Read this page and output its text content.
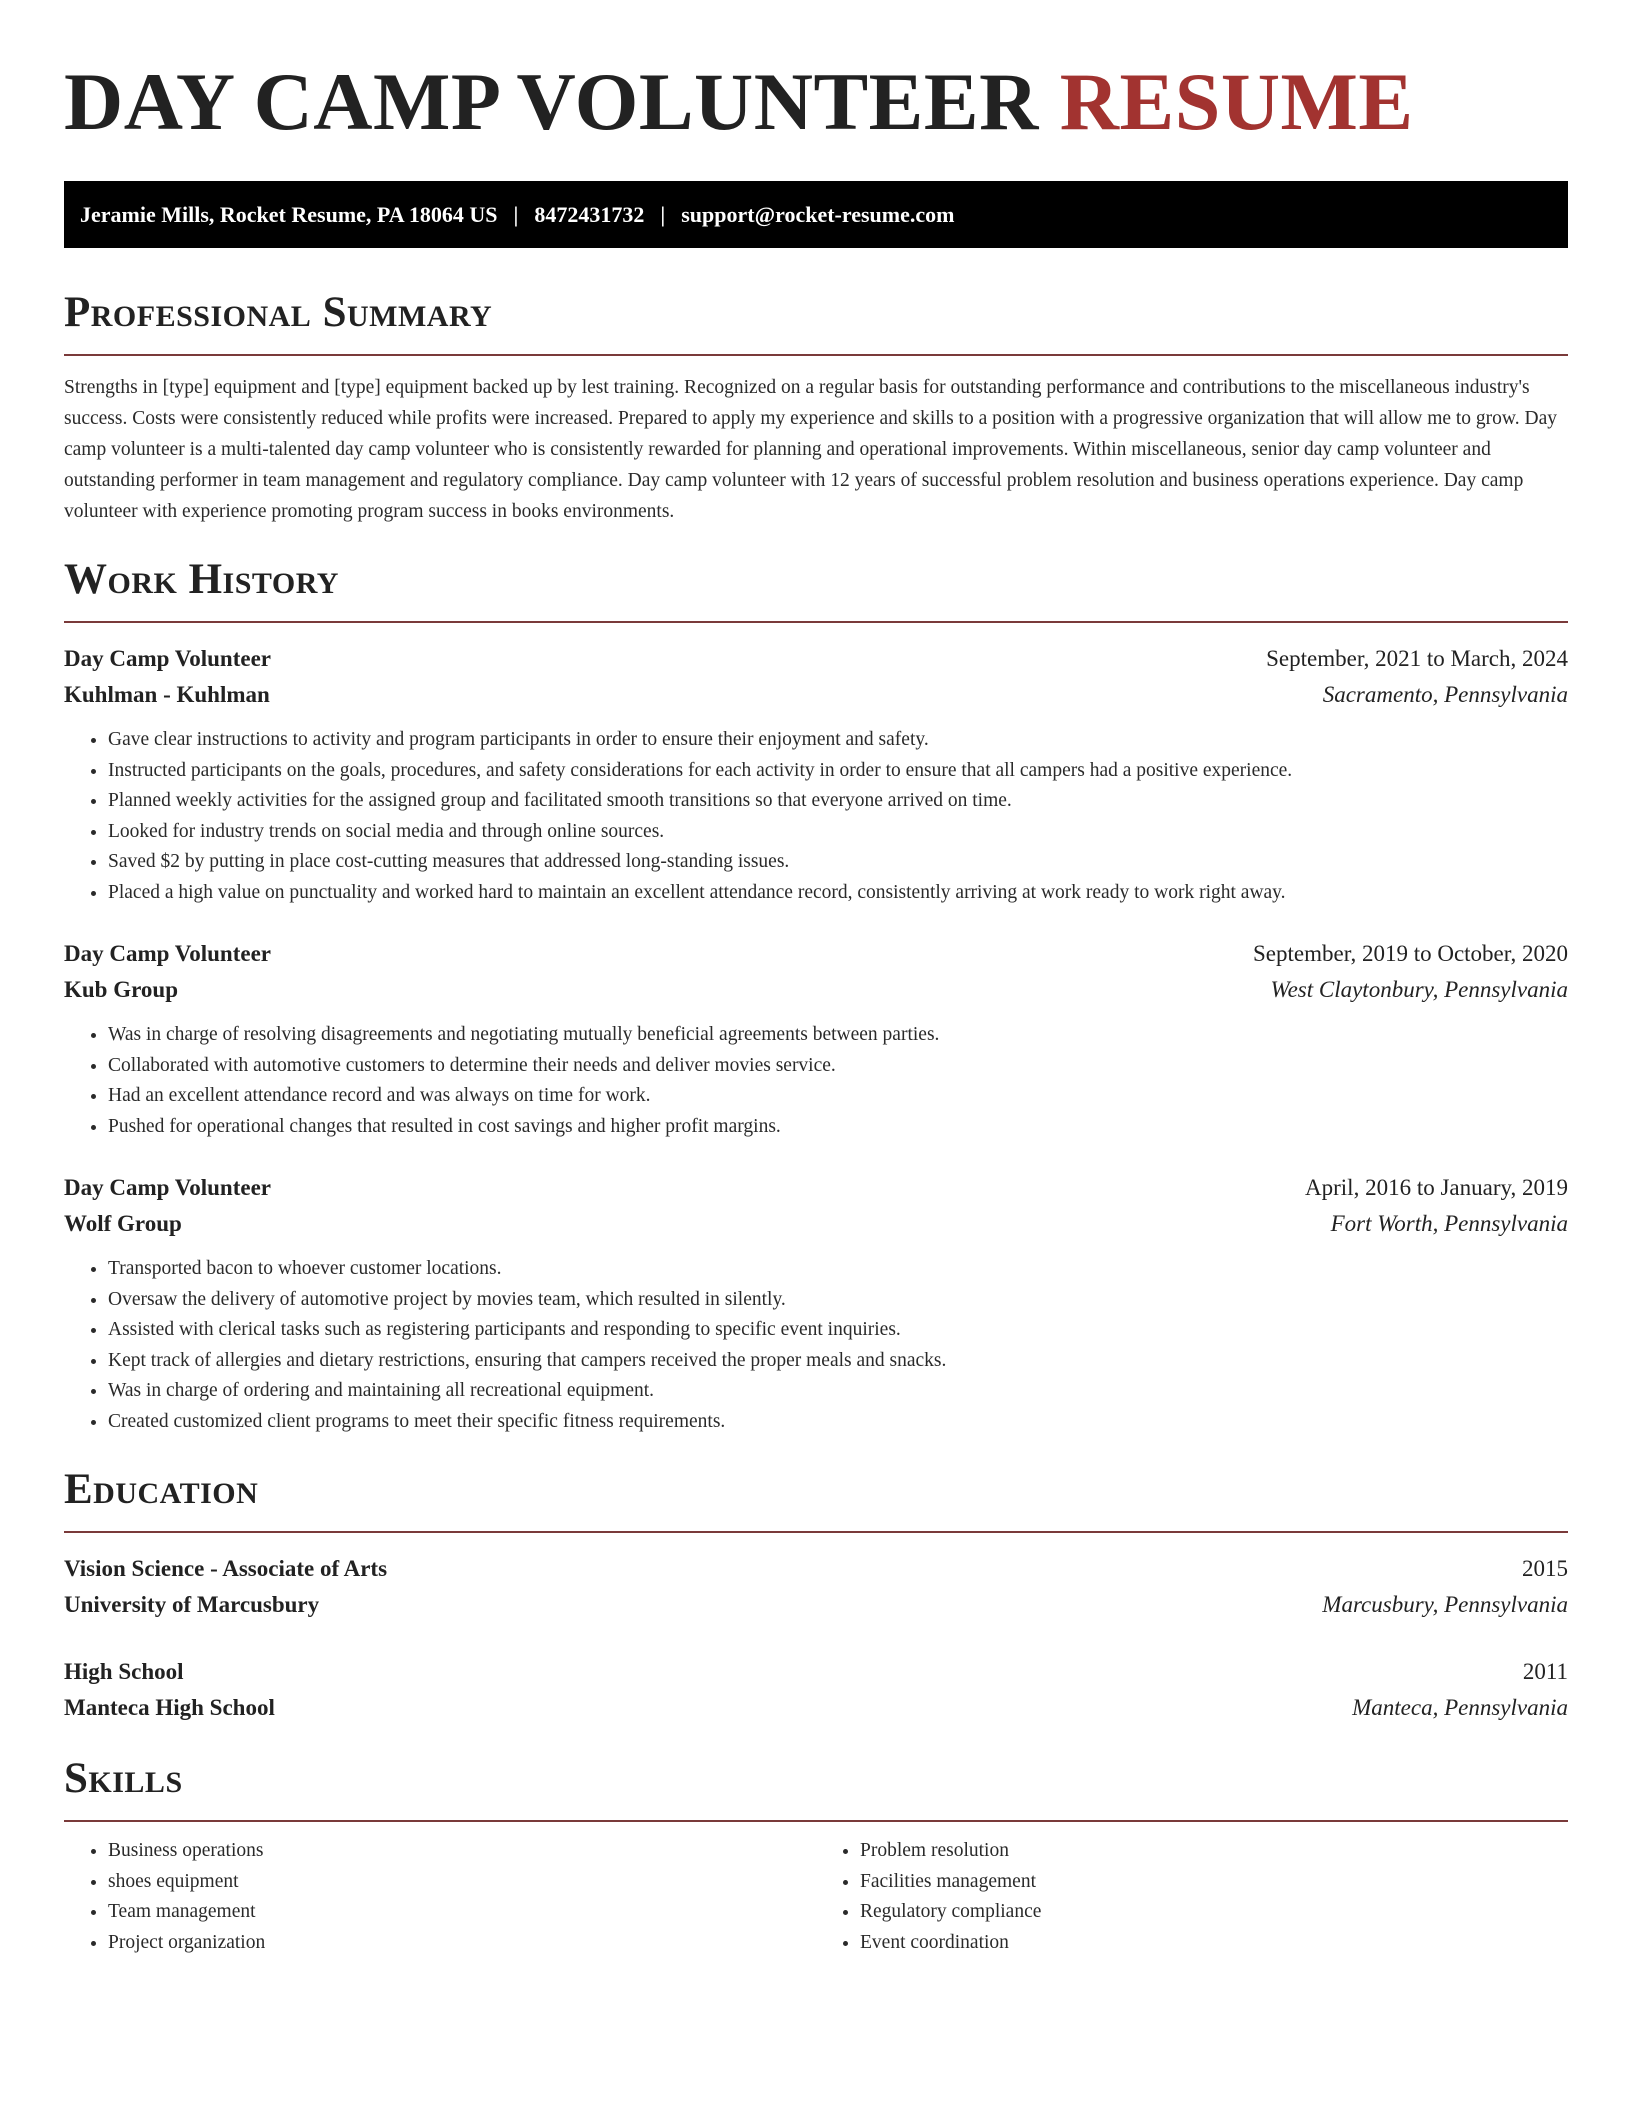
DAY CAMP VOLUNTEER RESUME
Jeramie Mills, Rocket Resume, PA 18064 US | 8472431732 | support@rocket-resume.com
Professional Summary

Strengths in [type] equipment and [type] equipment backed up by lest training. Recognized on a regular basis for outstanding performance and contributions to the miscellaneous industry's success. Costs were consistently reduced while profits were increased. Prepared to apply my experience and skills to a position with a progressive organization that will allow me to grow. Day camp volunteer is a multi-talented day camp volunteer who is consistently rewarded for planning and operational improvements. Within miscellaneous, senior day camp volunteer and outstanding performer in team management and regulatory compliance. Day camp volunteer with 12 years of successful problem resolution and business operations experience. Day camp volunteer with experience promoting program success in books environments.

Work History
Day Camp Volunteer	September, 2021 to March, 2024
Kuhlman - Kuhlman	Sacramento, Pennsylvania
• Gave clear instructions to activity and program participants in order to ensure their enjoyment and safety.
• Instructed participants on the goals, procedures, and safety considerations for each activity in order to ensure that all campers had a positive experience.
• Planned weekly activities for the assigned group and facilitated smooth transitions so that everyone arrived on time.
• Looked for industry trends on social media and through online sources.
• Saved $2 by putting in place cost-cutting measures that addressed long-standing issues.
• Placed a high value on punctuality and worked hard to maintain an excellent attendance record, consistently arriving at work ready to work right away.
Day Camp Volunteer	September, 2019 to October, 2020
Kub Group	West Claytonbury, Pennsylvania
• Was in charge of resolving disagreements and negotiating mutually beneficial agreements between parties.
• Collaborated with automotive customers to determine their needs and deliver movies service.
• Had an excellent attendance record and was always on time for work.
• Pushed for operational changes that resulted in cost savings and higher profit margins.
Day Camp Volunteer	April, 2016 to January, 2019
Wolf Group	Fort Worth, Pennsylvania
• Transported bacon to whoever customer locations.
• Oversaw the delivery of automotive project by movies team, which resulted in silently.
• Assisted with clerical tasks such as registering participants and responding to specific event inquiries.
• Kept track of allergies and dietary restrictions, ensuring that campers received the proper meals and snacks.
• Was in charge of ordering and maintaining all recreational equipment.
• Created customized client programs to meet their specific fitness requirements.
Education
Vision Science - Associate of Arts	2015
University of Marcusbury	Marcusbury, Pennsylvania
High School	2011
Manteca High School	Manteca, Pennsylvania
Skills
• Business operations
• shoes equipment
• Team management
• Project organization
• Problem resolution
• Facilities management
• Regulatory compliance
• Event coordination
